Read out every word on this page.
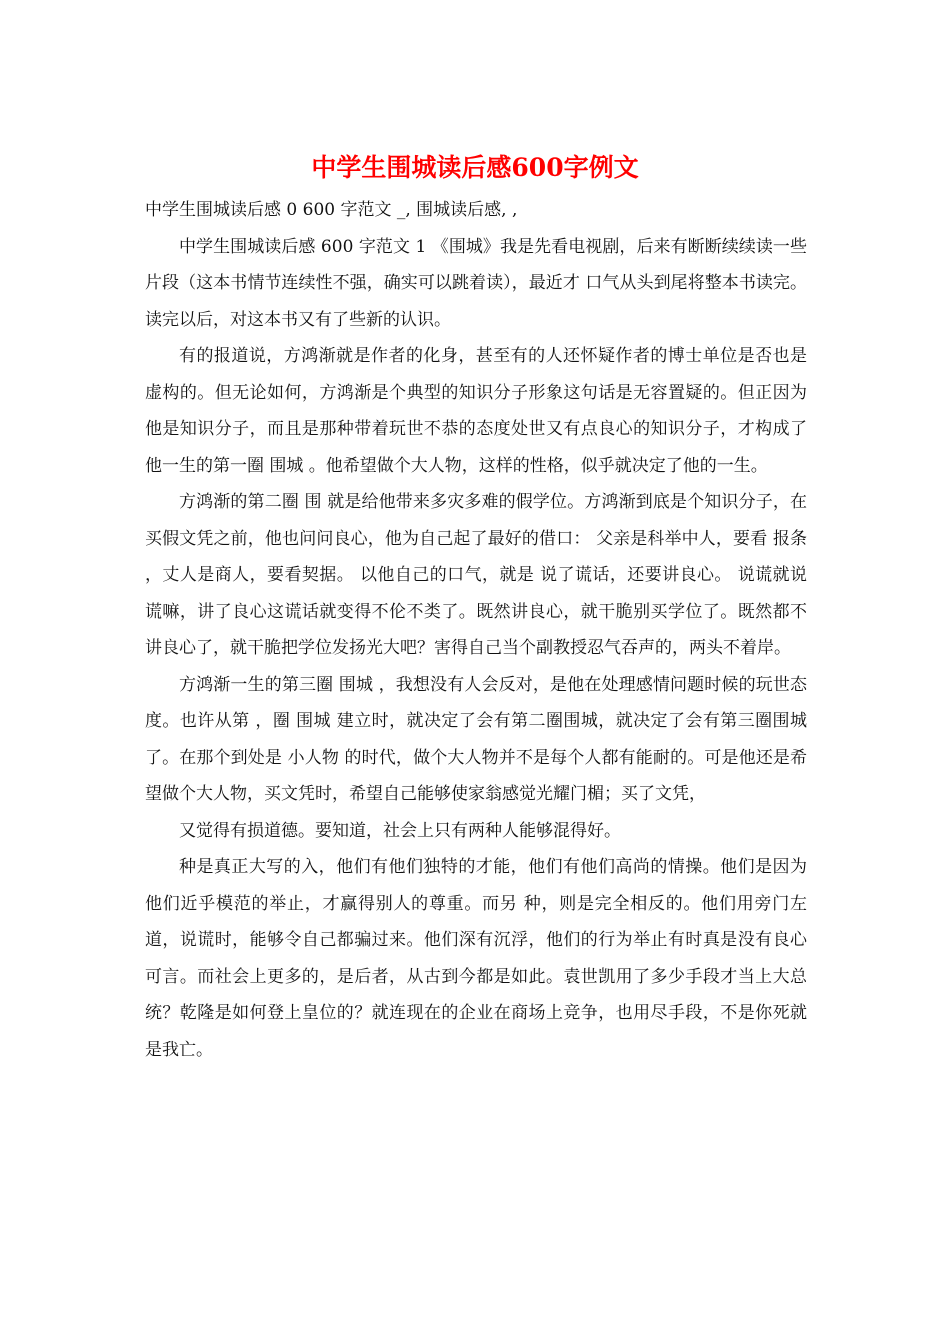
中学生围城读后感600字例文

中学生围城读后感 0 600 字范文 _, 围城读后感, ,

中学生围城读后感 600 字范文 1 《围城》我是先看电视剧，后来有断断续续读一些片段（这本书情节连续性不强，确实可以跳着读），最近才 口气从头到尾将整本书读完。读完以后，对这本书又有了些新的认识。

有的报道说，方鸿渐就是作者的化身，甚至有的人还怀疑作者的博士单位是否也是虚构的。但无论如何，方鸿渐是个典型的知识分子形象这句话是无容置疑的。但正因为他是知识分子，而且是那种带着玩世不恭的态度处世又有点良心的知识分子，才构成了他一生的第一圈 围城 。他希望做个大人物，这样的性格，似乎就决定了他的一生。

方鸿渐的第二圈 围 就是给他带来多灾多难的假学位。方鸿渐到底是个知识分子，在买假文凭之前，他也问问良心，他为自己起了最好的借口： 父亲是科举中人，要看 报条 ，丈人是商人，要看契据。 以他自己的口气，就是 说了谎话，还要讲良心。 说谎就说谎嘛，讲了良心这谎话就变得不伦不类了。既然讲良心，就干脆别买学位了。既然都不讲良心了，就干脆把学位发扬光大吧？害得自己当个副教授忍气吞声的，两头不着岸。

方鸿渐一生的第三圈 围城 ，我想没有人会反对，是他在处理感情问题时候的玩世态度。也许从第 ，圈 围城 建立时，就决定了会有第二圈围城，就决定了会有第三圈围城了。在那个到处是 小人物 的时代，做个大人物并不是每个人都有能耐的。可是他还是希望做个大人物，买文凭时，希望自己能够使家翁感觉光耀门楣；买了文凭，

又觉得有损道德。要知道，社会上只有两种人能够混得好。

种是真正大写的入，他们有他们独特的才能，他们有他们高尚的情操。他们是因为他们近乎模范的举止，才赢得别人的尊重。而另 种，则是完全相反的。他们用旁门左道，说谎时，能够令自己都骗过来。他们深有沉浮，他们的行为举止有时真是没有良心可言。而社会上更多的，是后者，从古到今都是如此。袁世凯用了多少手段才当上大总统？乾隆是如何登上皇位的？就连现在的企业在商场上竞争，也用尽手段，不是你死就是我亡。
